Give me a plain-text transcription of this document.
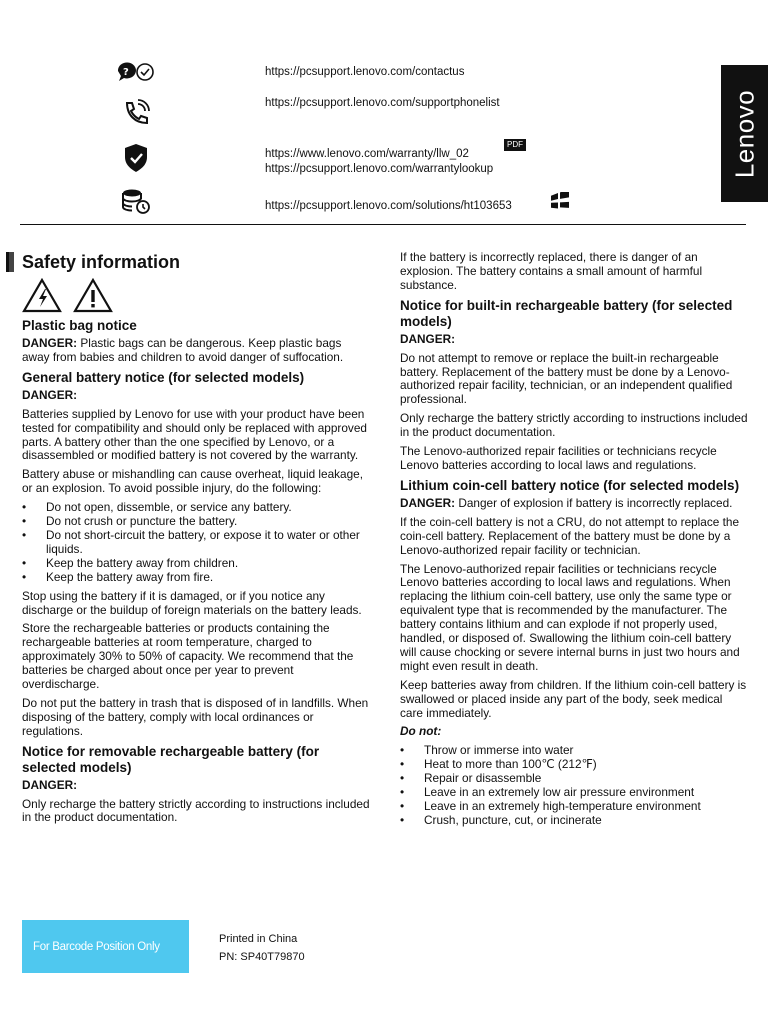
?	https://pcsupport.lenovo.com/contactus
https://pcsupport.lenovo.com/supportphonelist
https://www.lenovo.com/warranty/llw_02
https://pcsupport.lenovo.com/warrantylookup
PDF
https://pcsupport.lenovo.com/solutions/ht103653
Lenovo
Safety information
Plastic bag notice

DANGER: Plastic bags can be dangerous. Keep plastic bags away from babies and children to avoid danger of suffocation.

General battery notice (for selected models)
DANGER:

Batteries supplied by Lenovo for use with your product have been tested for compatibility and should only be replaced with approved parts. A battery other than the one specified by Lenovo, or a disassembled or modified battery is not covered by the warranty.

Battery abuse or mishandling can cause overheat, liquid leakage, or an explosion. To avoid possible injury, do the following:

• Do not open, dissemble, or service any battery.
• Do not crush or puncture the battery.
• Do not short-circuit the battery, or expose it to water or other liquids.
• Keep the battery away from children.
• Keep the battery away from fire.

Stop using the battery if it is damaged, or if you notice any discharge or the buildup of foreign materials on the battery leads.

Store the rechargeable batteries or products containing the rechargeable batteries at room temperature, charged to approximately 30% to 50% of capacity. We recommend that the batteries be charged about once per year to prevent overdischarge.

Do not put the battery in trash that is disposed of in landfills. When disposing of the battery, comply with local ordinances or regulations.

Notice for removable rechargeable battery (for selected models)
DANGER:

Only recharge the battery strictly according to instructions included in the product documentation.

If the battery is incorrectly replaced, there is danger of an explosion. The battery contains a small amount of harmful substance.

Notice for built-in rechargeable battery (for selected models)
DANGER:

Do not attempt to remove or replace the built-in rechargeable battery. Replacement of the battery must be done by a Lenovo-authorized repair facility, technician, or an independent qualified professional.

Only recharge the battery strictly according to instructions included in the product documentation.

The Lenovo-authorized repair facilities or technicians recycle Lenovo batteries according to local laws and regulations.

Lithium coin-cell battery notice (for selected models)

DANGER: Danger of explosion if battery is incorrectly replaced.

If the coin-cell battery is not a CRU, do not attempt to replace the coin-cell battery. Replacement of the battery must be done by a Lenovo-authorized repair facility or technician.

The Lenovo-authorized repair facilities or technicians recycle Lenovo batteries according to local laws and regulations. When replacing the lithium coin-cell battery, use only the same type or equivalent type that is recommended by the manufacturer. The battery contains lithium and can explode if not properly used, handled, or disposed of. Swallowing the lithium coin-cell battery will cause chocking or severe internal burns in just two hours and might even result in death.

Keep batteries away from children. If the lithium coin-cell battery is swallowed or placed inside any part of the body, seek medical care immediately.

Do not:

• Throw or immerse into water
• Heat to more than 100℃ (212℉)
• Repair or disassemble
• Leave in an extremely low air pressure environment
• Leave in an extremely high-temperature environment
• Crush, puncture, cut, or incinerate
For Barcode Position Only
Printed in China
PN: SP40T79870
